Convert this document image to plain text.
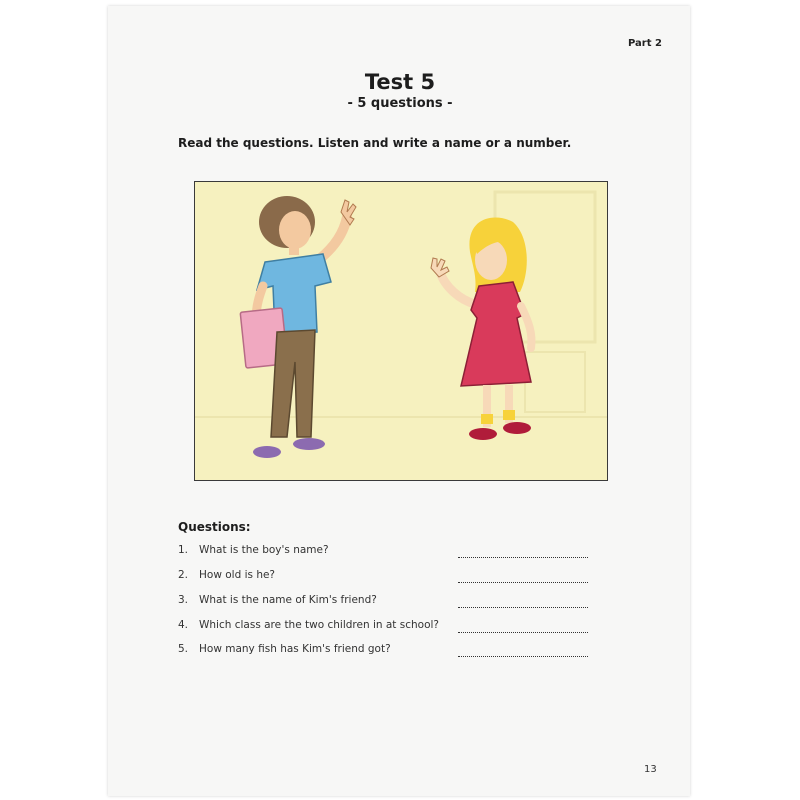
Part 2
Test 5
- 5 questions -
Read the questions. Listen and write a name or a number.
Questions:
1. What is the boy's name?
2. How old is he?
3. What is the name of Kim's friend?
4. Which class are the two children in at school?
5. How many fish has Kim's friend got?
13
